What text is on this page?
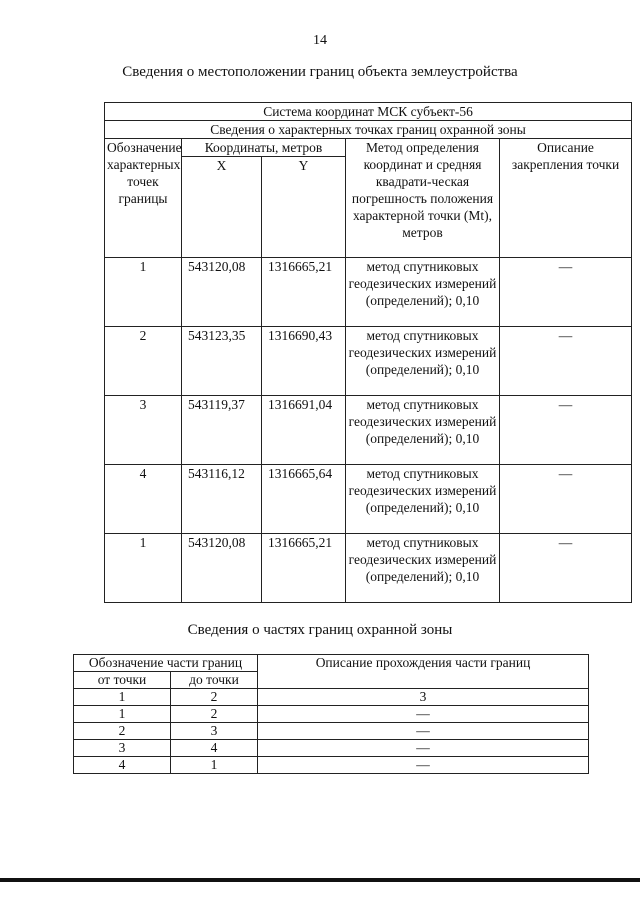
14
Сведения о местоположении границ объекта землеустройства
Система координат МСК субъект-56				
Сведения о характерных точках границ охранной зоны				
Обозначение характерных точек границы	Координаты, метров		Метод определения координат и средняя квадрати-ческая погрешность положения характерной точки (Mt), метров	Описание закрепления точки
	X	Y		
1	543120,08	1316665,21	метод спутниковых геодезических измерений (определений); 0,10	—
2	543123,35	1316690,43	метод спутниковых геодезических измерений (определений); 0,10	—
3	543119,37	1316691,04	метод спутниковых геодезических измерений (определений); 0,10	—
4	543116,12	1316665,64	метод спутниковых геодезических измерений (определений); 0,10	—
1	543120,08	1316665,21	метод спутниковых геодезических измерений (определений); 0,10	—
Сведения о частях границ охранной зоны
Обозначение части границ		Описание прохождения части границ
от точки	до точки	
1	2	3
1	2	—
2	3	—
3	4	—
4	1	—
